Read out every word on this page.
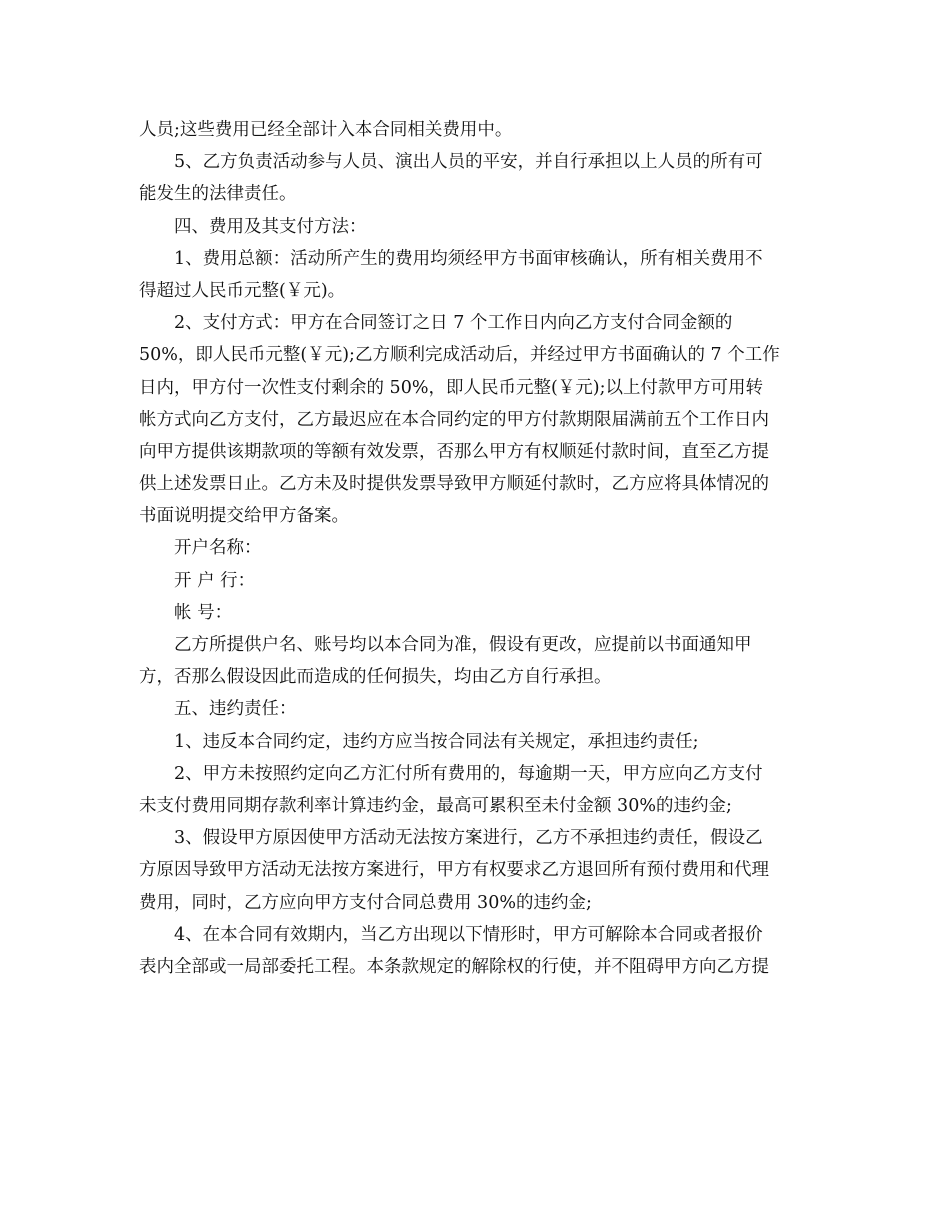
人员;这些费用已经全部计入本合同相关费用中。
5、乙方负责活动参与人员、演出人员的平安，并自行承担以上人员的所有可
能发生的法律责任。
四、费用及其支付方法：
1、费用总额：活动所产生的费用均须经甲方书面审核确认，所有相关费用不
得超过人民币元整(￥元)。
2、支付方式：甲方在合同签订之日 7 个工作日内向乙方支付合同金额的
50%，即人民币元整(￥元);乙方顺利完成活动后，并经过甲方书面确认的 7 个工作
日内，甲方付一次性支付剩余的 50%，即人民币元整(￥元);以上付款甲方可用转
帐方式向乙方支付，乙方最迟应在本合同约定的甲方付款期限届满前五个工作日内
向甲方提供该期款项的等额有效发票，否那么甲方有权顺延付款时间，直至乙方提
供上述发票日止。乙方未及时提供发票导致甲方顺延付款时，乙方应将具体情况的
书面说明提交给甲方备案。
开户名称：
开 户 行：
帐 号：
乙方所提供户名、账号均以本合同为准，假设有更改，应提前以书面通知甲
方，否那么假设因此而造成的任何损失，均由乙方自行承担。
五、违约责任：
1、违反本合同约定，违约方应当按合同法有关规定，承担违约责任;
2、甲方未按照约定向乙方汇付所有费用的，每逾期一天，甲方应向乙方支付
未支付费用同期存款利率计算违约金，最高可累积至未付金额 30%的违约金;
3、假设甲方原因使甲方活动无法按方案进行，乙方不承担违约责任，假设乙
方原因导致甲方活动无法按方案进行，甲方有权要求乙方退回所有预付费用和代理
费用，同时，乙方应向甲方支付合同总费用 30%的违约金;
4、在本合同有效期内，当乙方出现以下情形时，甲方可解除本合同或者报价
表内全部或一局部委托工程。本条款规定的解除权的行使，并不阻碍甲方向乙方提
